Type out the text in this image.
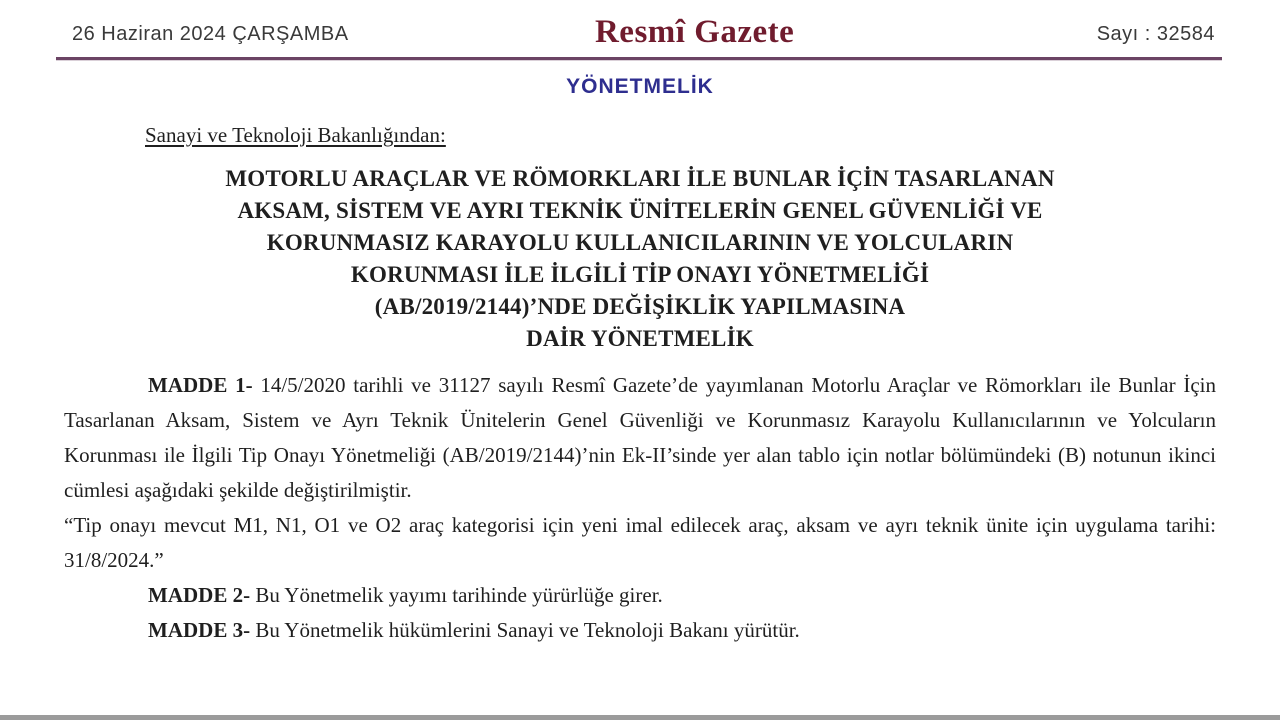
26 Haziran 2024 ÇARŞAMBA	Resmî Gazete	Sayı : 32584
YÖNETMELİK
Sanayi ve Teknoloji Bakanlığından:
MOTORLU ARAÇLAR VE RÖMORKLARI İLE BUNLAR İÇİN TASARLANAN
AKSAM, SİSTEM VE AYRI TEKNİK ÜNİTELERİN GENEL GÜVENLİĞİ VE
KORUNMASIZ KARAYOLU KULLANICILARININ VE YOLCULARIN
KORUNMASI İLE İLGİLİ TİP ONAYI YÖNETMELİĞİ
(AB/2019/2144)’NDE DEĞİŞİKLİK YAPILMASINA
DAİR YÖNETMELİK

MADDE 1- 14/5/2020 tarihli ve 31127 sayılı Resmî Gazete’de yayımlanan Motorlu Araçlar ve Römorkları ile Bunlar İçin Tasarlanan Aksam, Sistem ve Ayrı Teknik Ünitelerin Genel Güvenliği ve Korunmasız Karayolu Kullanıcılarının ve Yolcuların Korunması ile İlgili Tip Onayı Yönetmeliği (AB/2019/2144)’nin Ek-II’sinde yer alan tablo için notlar bölümündeki (B) notunun ikinci cümlesi aşağıdaki şekilde değiştirilmiştir.

“Tip onayı mevcut M1, N1, O1 ve O2 araç kategorisi için yeni imal edilecek araç, aksam ve ayrı teknik ünite için uygulama tarihi: 31/8/2024.”

MADDE 2- Bu Yönetmelik yayımı tarihinde yürürlüğe girer.

MADDE 3- Bu Yönetmelik hükümlerini Sanayi ve Teknoloji Bakanı yürütür.
